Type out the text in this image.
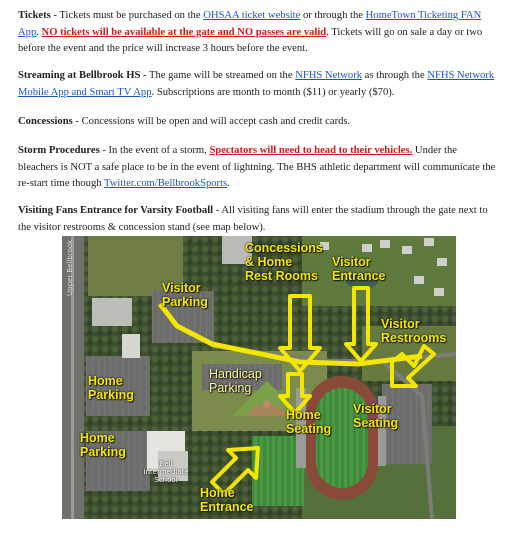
Tickets - Tickets must be purchased on the OHSAA ticket website or through the HomeTown Ticketing FAN App. NO tickets will be available at the gate and NO passes are valid. Tickets will go on sale a day or two before the event and the price will increase 3 hours before the event.
Streaming at Bellbrook HS - The game will be streamed on the NFHS Network as through the NFHS Network Mobile App and Smart TV App. Subscriptions are month to month ($11) or yearly ($70).
Concessions - Concessions will be open and will accept cash and credit cards.
Storm Procedures - In the event of a storm, Spectators will need to head to their vehicles. Under the bleachers is NOT a safe place to be in the event of lightning. The BHS athletic department will communicate the re-start time though Twitter.com/BellbrookSports.
Visiting Fans Entrance for Varsity Football - All visiting fans will enter the stadium through the gate next to the visitor restrooms & concession stand (see map below).
Upper Bellbrook
Bell
Intermediate
School
Concessions
& Home
Rest Rooms
Visitor
Entrance
Visitor
Parking
Visitor
Restrooms
Home
Parking
Handicap
Parking
Home
Seating
Visitor
Seating
Home
Parking
Home
Entrance
